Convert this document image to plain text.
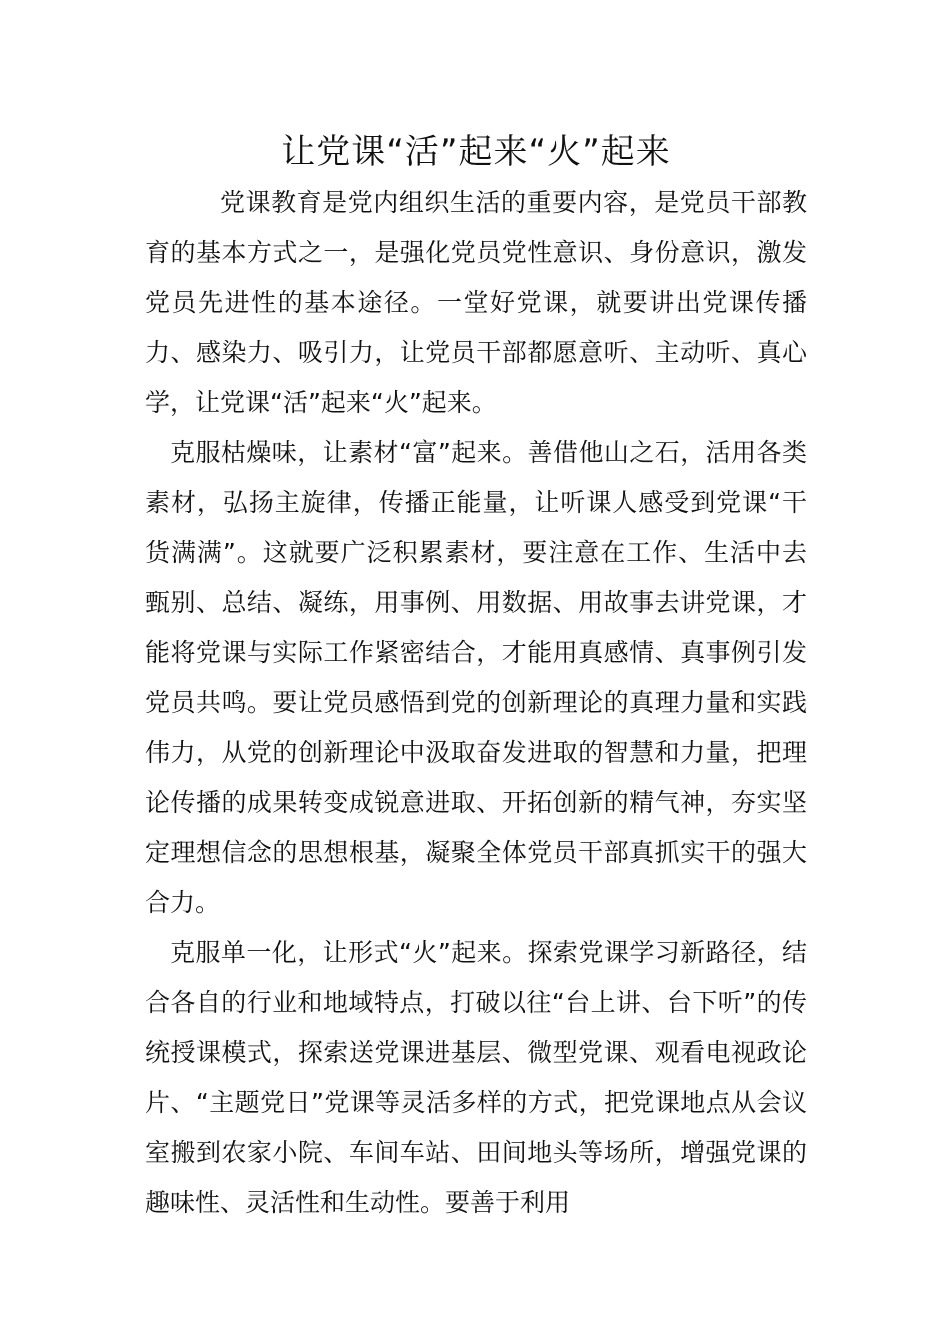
让党课“活”起来“火”起来

党课教育是党内组织生活的重要内容，是党员干部教育的基本方式之一，是强化党员党性意识、身份意识，激发党员先进性的基本途径。一堂好党课，就要讲出党课传播力、感染力、吸引力，让党员干部都愿意听、主动听、真心学，让党课“活”起来“火”起来。

克服枯燥味，让素材“富”起来。善借他山之石，活用各类素材，弘扬主旋律，传播正能量，让听课人感受到党课“干货满满”。这就要广泛积累素材，要注意在工作、生活中去甄别、总结、凝练，用事例、用数据、用故事去讲党课，才能将党课与实际工作紧密结合，才能用真感情、真事例引发党员共鸣。要让党员感悟到党的创新理论的真理力量和实践伟力，从党的创新理论中汲取奋发进取的智慧和力量，把理论传播的成果转变成锐意进取、开拓创新的精气神，夯实坚定理想信念的思想根基，凝聚全体党员干部真抓实干的强大合力。

克服单一化，让形式“火”起来。探索党课学习新路径，结合各自的行业和地域特点，打破以往“台上讲、台下听”的传统授课模式，探索送党课进基层、微型党课、观看电视政论片、“主题党日”党课等灵活多样的方式，把党课地点从会议室搬到农家小院、车间车站、田间地头等场所，增强党课的趣味性、灵活性和生动性。要善于利用
